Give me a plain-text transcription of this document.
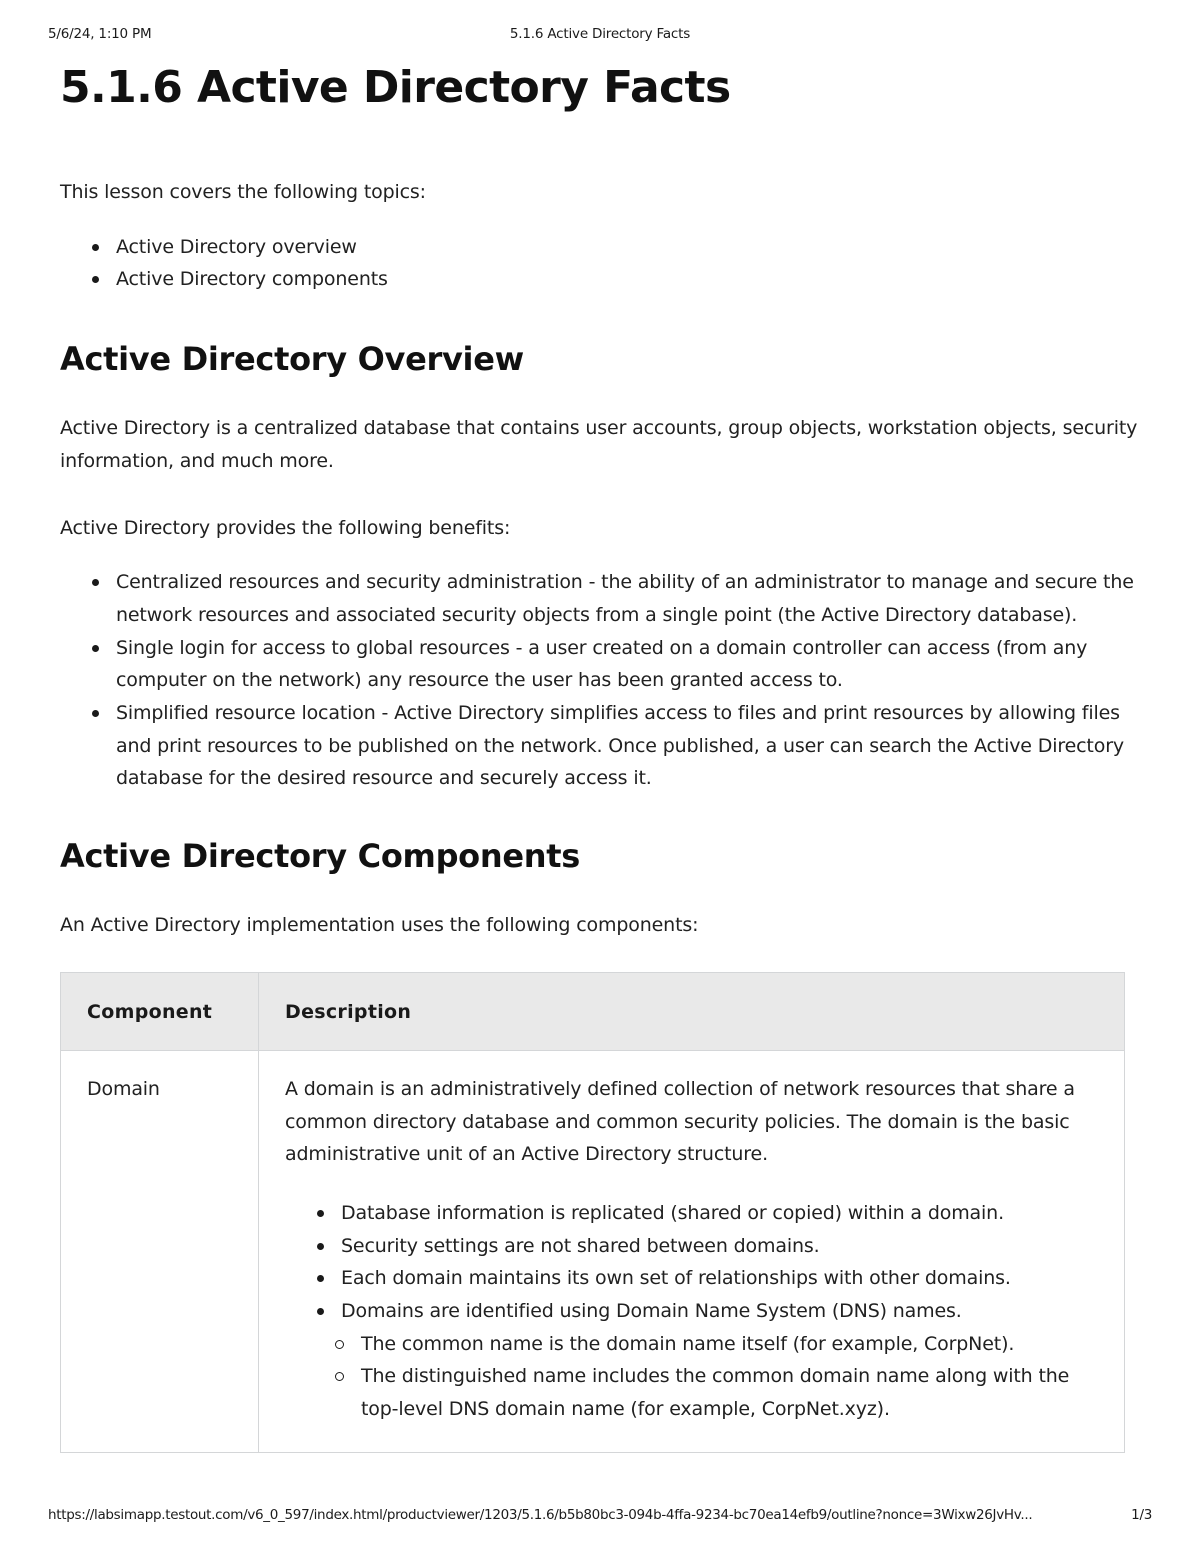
5/6/24, 1:10 PM	5.1.6 Active Directory Facts
5.1.6 Active Directory Facts

This lesson covers the following topics:

Active Directory overview
Active Directory components
Active Directory Overview

Active Directory is a centralized database that contains user accounts, group objects, workstation objects, security information, and much more.

Active Directory provides the following benefits:

Centralized resources and security administration - the ability of an administrator to manage and secure the network resources and associated security objects from a single point (the Active Directory database).
Single login for access to global resources - a user created on a domain controller can access (from any computer on the network) any resource the user has been granted access to.
Simplified resource location - Active Directory simplifies access to files and print resources by allowing files and print resources to be published on the network. Once published, a user can search the Active Directory database for the desired resource and securely access it.
Active Directory Components

An Active Directory implementation uses the following components:

Component	Description
Domain	A domain is an administratively defined collection of network resources that share a common directory database and common security policies. The domain is the basic administrative unit of an Active Directory structure.

Database information is replicated (shared or copied) within a domain.
Security settings are not shared between domains.
Each domain maintains its own set of relationships with other domains.
Domains are identified using Domain Name System (DNS) names.
The common name is the domain name itself (for example, CorpNet).
The distinguished name includes the common domain name along with the top-level DNS domain name (for example, CorpNet.xyz).
https://labsimapp.testout.com/v6_0_597/index.html/productviewer/1203/5.1.6/b5b80bc3-094b-4ffa-9234-bc70ea14efb9/outline?nonce=3Wixw26JvHv...	1/3
